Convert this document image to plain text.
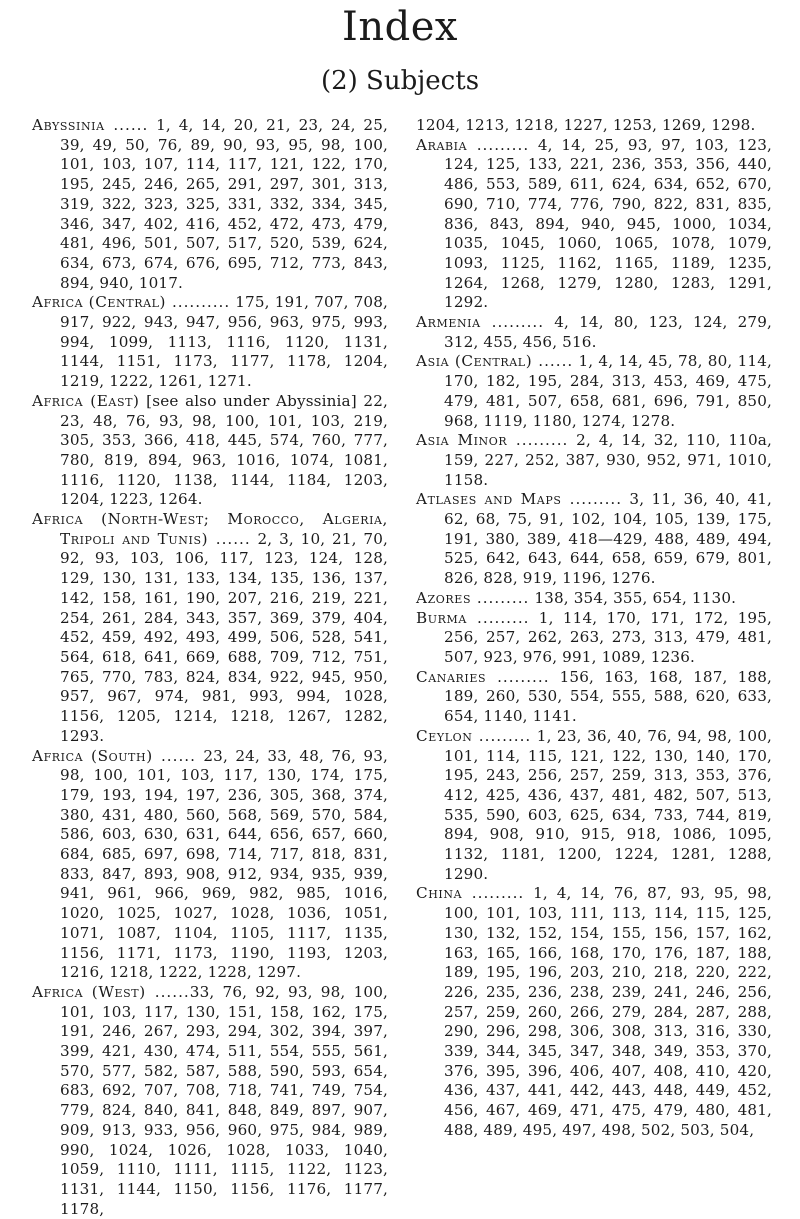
Index
(2) Subjects

Abyssinia ...... 1, 4, 14, 20, 21, 23, 24, 25, 39, 49, 50, 76, 89, 90, 93, 95, 98, 100, 101, 103, 107, 114, 117, 121, 122, 170, 195, 245, 246, 265, 291, 297, 301, 313, 319, 322, 323, 325, 331, 332, 334, 345, 346, 347, 402, 416, 452, 472, 473, 479, 481, 496, 501, 507, 517, 520, 539, 624, 634, 673, 674, 676, 695, 712, 773, 843, 894, 940, 1017.

Africa (Central) .......... 175, 191, 707, 708, 917, 922, 943, 947, 956, 963, 975, 993, 994, 1099, 1113, 1116, 1120, 1131, 1144, 1151, 1173, 1177, 1178, 1204, 1219, 1222, 1261, 1271.

Africa (East) [see also under Abyssinia] 22, 23, 48, 76, 93, 98, 100, 101, 103, 219, 305, 353, 366, 418, 445, 574, 760, 777, 780, 819, 894, 963, 1016, 1074, 1081, 1116, 1120, 1138, 1144, 1184, 1203, 1204, 1223, 1264.

Africa (North-West; Morocco, Algeria, Tripoli and Tunis) ...... 2, 3, 10, 21, 70, 92, 93, 103, 106, 117, 123, 124, 128, 129, 130, 131, 133, 134, 135, 136, 137, 142, 158, 161, 190, 207, 216, 219, 221, 254, 261, 284, 343, 357, 369, 379, 404, 452, 459, 492, 493, 499, 506, 528, 541, 564, 618, 641, 669, 688, 709, 712, 751, 765, 770, 783, 824, 834, 922, 945, 950, 957, 967, 974, 981, 993, 994, 1028, 1156, 1205, 1214, 1218, 1267, 1282, 1293.

Africa (South) ...... 23, 24, 33, 48, 76, 93, 98, 100, 101, 103, 117, 130, 174, 175, 179, 193, 194, 197, 236, 305, 368, 374, 380, 431, 480, 560, 568, 569, 570, 584, 586, 603, 630, 631, 644, 656, 657, 660, 684, 685, 697, 698, 714, 717, 818, 831, 833, 847, 893, 908, 912, 934, 935, 939, 941, 961, 966, 969, 982, 985, 1016, 1020, 1025, 1027, 1028, 1036, 1051, 1071, 1087, 1104, 1105, 1117, 1135, 1156, 1171, 1173, 1190, 1193, 1203, 1216, 1218, 1222, 1228, 1297.

Africa (West) ......33, 76, 92, 93, 98, 100, 101, 103, 117, 130, 151, 158, 162, 175, 191, 246, 267, 293, 294, 302, 394, 397, 399, 421, 430, 474, 511, 554, 555, 561, 570, 577, 582, 587, 588, 590, 593, 654, 683, 692, 707, 708, 718, 741, 749, 754, 779, 824, 840, 841, 848, 849, 897, 907, 909, 913, 933, 956, 960, 975, 984, 989, 990, 1024, 1026, 1028, 1033, 1040, 1059, 1110, 1111, 1115, 1122, 1123, 1131, 1144, 1150, 1156, 1176, 1177, 1178,

1204, 1213, 1218, 1227, 1253, 1269, 1298.

Arabia ......... 4, 14, 25, 93, 97, 103, 123, 124, 125, 133, 221, 236, 353, 356, 440, 486, 553, 589, 611, 624, 634, 652, 670, 690, 710, 774, 776, 790, 822, 831, 835, 836, 843, 894, 940, 945, 1000, 1034, 1035, 1045, 1060, 1065, 1078, 1079, 1093, 1125, 1162, 1165, 1189, 1235, 1264, 1268, 1279, 1280, 1283, 1291, 1292.

Armenia ......... 4, 14, 80, 123, 124, 279, 312, 455, 456, 516.

Asia (Central) ...... 1, 4, 14, 45, 78, 80, 114, 170, 182, 195, 284, 313, 453, 469, 475, 479, 481, 507, 658, 681, 696, 791, 850, 968, 1119, 1180, 1274, 1278.

Asia Minor ......... 2, 4, 14, 32, 110, 110a, 159, 227, 252, 387, 930, 952, 971, 1010, 1158.

Atlases and Maps ......... 3, 11, 36, 40, 41, 62, 68, 75, 91, 102, 104, 105, 139, 175, 191, 380, 389, 418—429, 488, 489, 494, 525, 642, 643, 644, 658, 659, 679, 801, 826, 828, 919, 1196, 1276.

Azores ......... 138, 354, 355, 654, 1130.

Burma ......... 1, 114, 170, 171, 172, 195, 256, 257, 262, 263, 273, 313, 479, 481, 507, 923, 976, 991, 1089, 1236.

Canaries ......... 156, 163, 168, 187, 188, 189, 260, 530, 554, 555, 588, 620, 633, 654, 1140, 1141.

Ceylon ......... 1, 23, 36, 40, 76, 94, 98, 100, 101, 114, 115, 121, 122, 130, 140, 170, 195, 243, 256, 257, 259, 313, 353, 376, 412, 425, 436, 437, 481, 482, 507, 513, 535, 590, 603, 625, 634, 733, 744, 819, 894, 908, 910, 915, 918, 1086, 1095, 1132, 1181, 1200, 1224, 1281, 1288, 1290.

China ......... 1, 4, 14, 76, 87, 93, 95, 98, 100, 101, 103, 111, 113, 114, 115, 125, 130, 132, 152, 154, 155, 156, 157, 162, 163, 165, 166, 168, 170, 176, 187, 188, 189, 195, 196, 203, 210, 218, 220, 222, 226, 235, 236, 238, 239, 241, 246, 256, 257, 259, 260, 266, 279, 284, 287, 288, 290, 296, 298, 306, 308, 313, 316, 330, 339, 344, 345, 347, 348, 349, 353, 370, 376, 395, 396, 406, 407, 408, 410, 420, 436, 437, 441, 442, 443, 448, 449, 452, 456, 467, 469, 471, 475, 479, 480, 481, 488, 489, 495, 497, 498, 502, 503, 504,
